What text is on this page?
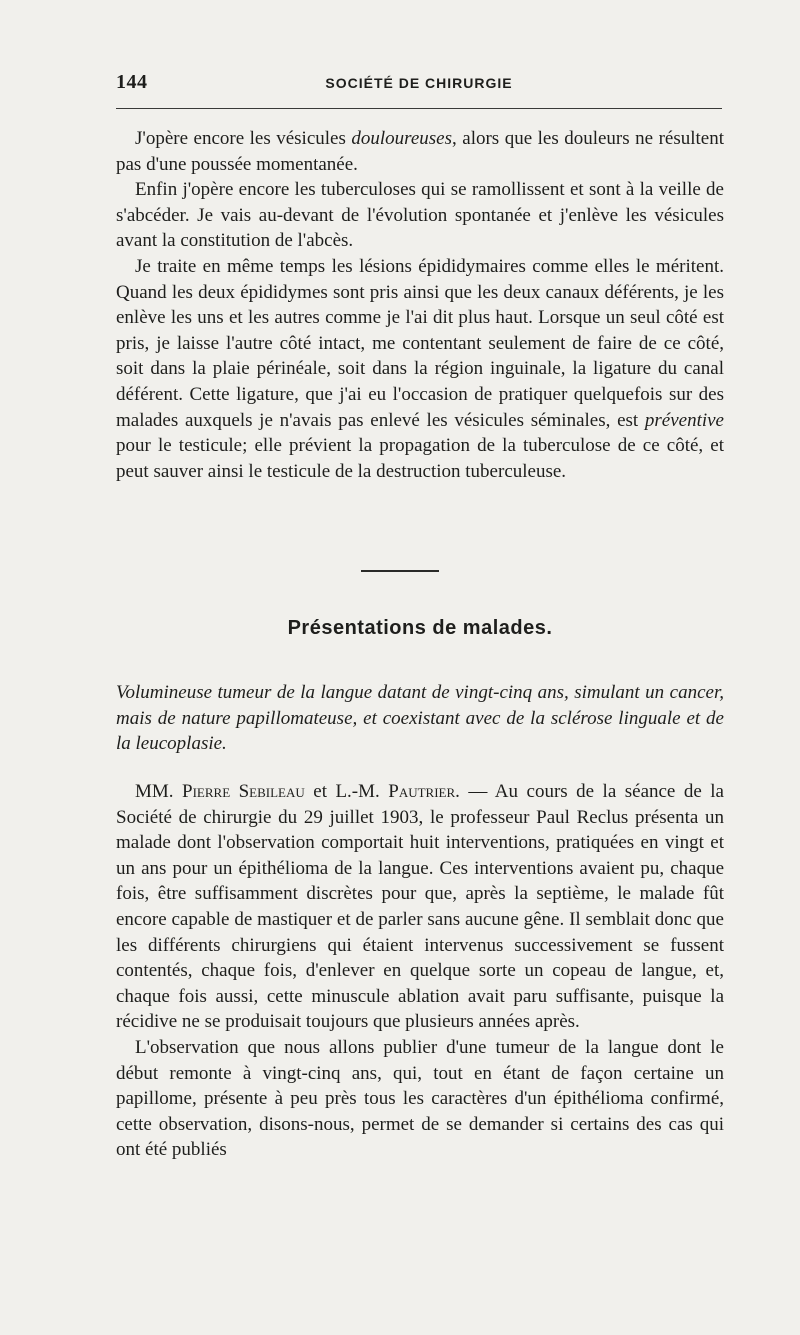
144	SOCIÉTÉ DE CHIRURGIE

J'opère encore les vésicules douloureuses, alors que les douleurs ne résultent pas d'une poussée momentanée.

Enfin j'opère encore les tuberculoses qui se ramollissent et sont à la veille de s'abcéder. Je vais au-devant de l'évolution spontanée et j'enlève les vésicules avant la constitution de l'abcès.

Je traite en même temps les lésions épididymaires comme elles le méritent. Quand les deux épididymes sont pris ainsi que les deux canaux déférents, je les enlève les uns et les autres comme je l'ai dit plus haut. Lorsque un seul côté est pris, je laisse l'autre côté intact, me contentant seulement de faire de ce côté, soit dans la plaie périnéale, soit dans la région inguinale, la ligature du canal déférent. Cette ligature, que j'ai eu l'occasion de pratiquer quelquefois sur des malades auxquels je n'avais pas enlevé les vésicules séminales, est préventive pour le testicule; elle prévient la propagation de la tuberculose de ce côté, et peut sauver ainsi le testicule de la destruction tuberculeuse.

Présentations de malades.

Volumineuse tumeur de la langue datant de vingt-cinq ans, simulant un cancer, mais de nature papillomateuse, et coexistant avec de la sclérose linguale et de la leucoplasie.

MM. Pierre Sebileau et L.-M. Pautrier. — Au cours de la séance de la Société de chirurgie du 29 juillet 1903, le professeur Paul Reclus présenta un malade dont l'observation comportait huit interventions, pratiquées en vingt et un ans pour un épithélioma de la langue. Ces interventions avaient pu, chaque fois, être suffisamment discrètes pour que, après la septième, le malade fût encore capable de mastiquer et de parler sans aucune gêne. Il semblait donc que les différents chirurgiens qui étaient intervenus successivement se fussent contentés, chaque fois, d'enlever en quelque sorte un copeau de langue, et, chaque fois aussi, cette minuscule ablation avait paru suffisante, puisque la récidive ne se produisait toujours que plusieurs années après.

L'observation que nous allons publier d'une tumeur de la langue dont le début remonte à vingt-cinq ans, qui, tout en étant de façon certaine un papillome, présente à peu près tous les caractères d'un épithélioma confirmé, cette observation, disons-nous, permet de se demander si certains des cas qui ont été publiés
